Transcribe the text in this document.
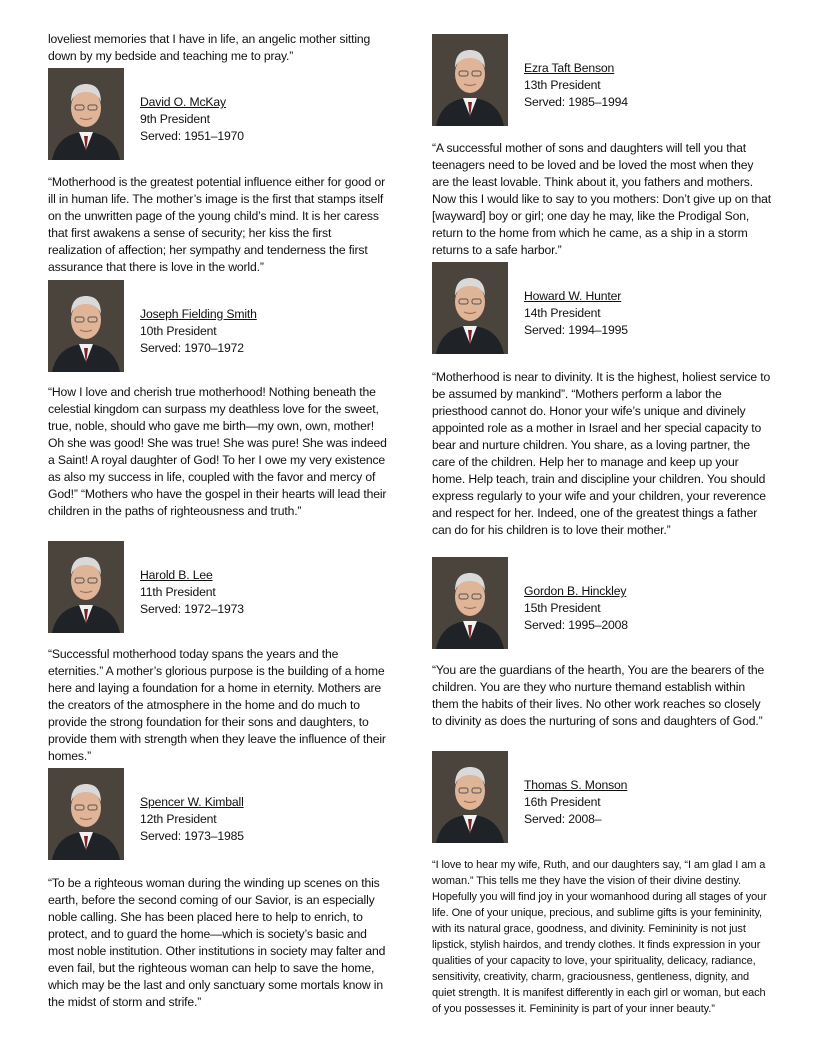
loveliest memories that I have in life, an angelic mother sitting down by my bedside and teaching me to pray.”

David O. McKay
9th President
Served: 1951–1970

“Motherhood is the greatest potential influence either for good or ill in human life. The mother’s image is the first that stamps itself on the unwritten page of the young child’s mind. It is her caress that first awakens a sense of security; her kiss the first realization of affection; her sympathy and tenderness the first assurance that there is love in the world.”

Joseph Fielding Smith
10th President
Served: 1970–1972

“How I love and cherish true motherhood! Nothing beneath the celestial kingdom can surpass my deathless love for the sweet, true, noble, should who gave me birth—my own, own, mother! Oh she was good! She was true! She was pure! She was indeed a Saint! A royal daughter of God! To her I owe my very existence as also my success in life, coupled with the favor and mercy of God!” “Mothers who have the gospel in their hearts will lead their children in the paths of righteousness and truth.”

Harold B. Lee
11th President
Served: 1972–1973

“Successful motherhood today spans the years and the eternities.” A mother’s glorious purpose is the building of a home here and laying a foundation for a home in eternity. Mothers are the creators of the atmosphere in the home and do much to provide the strong foundation for their sons and daughters, to provide them with strength when they leave the influence of their homes.”

Spencer W. Kimball
12th President
Served: 1973–1985

“To be a righteous woman during the winding up scenes on this earth, before the second coming of our Savior, is an especially noble calling. She has been placed here to help to enrich, to protect, and to guard the home—which is society’s basic and most noble institution. Other institutions in society may falter and even fail, but the righteous woman can help to save the home, which may be the last and only sanctuary some mortals know in the midst of storm and strife.”

Ezra Taft Benson
13th President
Served: 1985–1994

“A successful mother of sons and daughters will tell you that teenagers need to be loved and be loved the most when they are the least lovable. Think about it, you fathers and mothers. Now this I would like to say to you mothers: Don’t give up on that [wayward] boy or girl; one day he may, like the Prodigal Son, return to the home from which he came, as a ship in a storm returns to a safe harbor.”

Howard W. Hunter
14th President
Served: 1994–1995

“Motherhood is near to divinity. It is the highest, holiest service to be assumed by mankind”. “Mothers perform a labor the priesthood cannot do. Honor your wife’s unique and divinely appointed role as a mother in Israel and her special capacity to bear and nurture children. You share, as a loving partner, the care of the children. Help her to manage and keep up your home. Help teach, train and discipline your children. You should express regularly to your wife and your children, your reverence and respect for her. Indeed, one of the greatest things a father can do for his children is to love their mother.”

Gordon B. Hinckley
15th President
Served: 1995–2008

“You are the guardians of the hearth, You are the bearers of the children. You are they who nurture themand establish within them the habits of their lives. No other work reaches so closely to divinity as does the nurturing of sons and daughters of God.”

Thomas S. Monson
16th President
Served: 2008–

“I love to hear my wife, Ruth, and our daughters say, “I am glad I am a woman.” This tells me they have the vision of their divine destiny. Hopefully you will find joy in your womanhood during all stages of your life. One of your unique, precious, and sublime gifts is your femininity, with its natural grace, goodness, and divinity. Femininity is not just lipstick, stylish hairdos, and trendy clothes. It finds expression in your qualities of your capacity to love, your spirituality, delicacy, radiance, sensitivity, creativity, charm, graciousness, gentleness, dignity, and quiet strength. It is manifest differently in each girl or woman, but each of you possesses it. Femininity is part of your inner beauty.”
